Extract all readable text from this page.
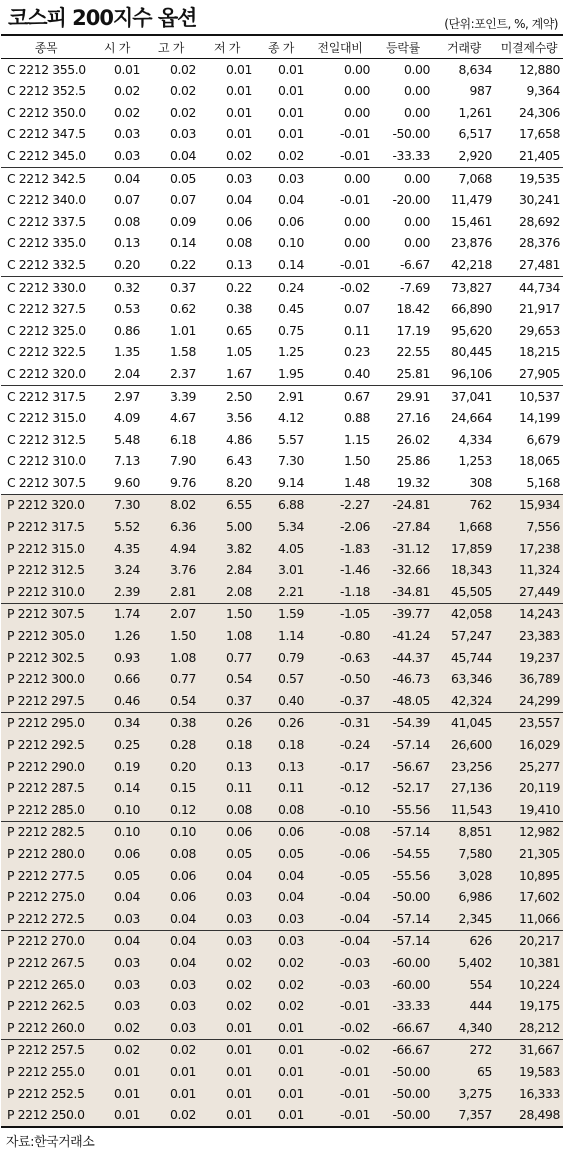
코스피 200지수 옵션	(단위:포인트, %, 계약)
종목	시 가	고 가	저 가	종 가	전일대비	등락률	거래량	미결제수량
C 2212 355.0	0.01	0.02	0.01	0.01	0.00	0.00	8,634	12,880
C 2212 352.5	0.02	0.02	0.01	0.01	0.00	0.00	987	9,364
C 2212 350.0	0.02	0.02	0.01	0.01	0.00	0.00	1,261	24,306
C 2212 347.5	0.03	0.03	0.01	0.01	-0.01	-50.00	6,517	17,658
C 2212 345.0	0.03	0.04	0.02	0.02	-0.01	-33.33	2,920	21,405
C 2212 342.5	0.04	0.05	0.03	0.03	0.00	0.00	7,068	19,535
C 2212 340.0	0.07	0.07	0.04	0.04	-0.01	-20.00	11,479	30,241
C 2212 337.5	0.08	0.09	0.06	0.06	0.00	0.00	15,461	28,692
C 2212 335.0	0.13	0.14	0.08	0.10	0.00	0.00	23,876	28,376
C 2212 332.5	0.20	0.22	0.13	0.14	-0.01	-6.67	42,218	27,481
C 2212 330.0	0.32	0.37	0.22	0.24	-0.02	-7.69	73,827	44,734
C 2212 327.5	0.53	0.62	0.38	0.45	0.07	18.42	66,890	21,917
C 2212 325.0	0.86	1.01	0.65	0.75	0.11	17.19	95,620	29,653
C 2212 322.5	1.35	1.58	1.05	1.25	0.23	22.55	80,445	18,215
C 2212 320.0	2.04	2.37	1.67	1.95	0.40	25.81	96,106	27,905
C 2212 317.5	2.97	3.39	2.50	2.91	0.67	29.91	37,041	10,537
C 2212 315.0	4.09	4.67	3.56	4.12	0.88	27.16	24,664	14,199
C 2212 312.5	5.48	6.18	4.86	5.57	1.15	26.02	4,334	6,679
C 2212 310.0	7.13	7.90	6.43	7.30	1.50	25.86	1,253	18,065
C 2212 307.5	9.60	9.76	8.20	9.14	1.48	19.32	308	5,168
P 2212 320.0	7.30	8.02	6.55	6.88	-2.27	-24.81	762	15,934
P 2212 317.5	5.52	6.36	5.00	5.34	-2.06	-27.84	1,668	7,556
P 2212 315.0	4.35	4.94	3.82	4.05	-1.83	-31.12	17,859	17,238
P 2212 312.5	3.24	3.76	2.84	3.01	-1.46	-32.66	18,343	11,324
P 2212 310.0	2.39	2.81	2.08	2.21	-1.18	-34.81	45,505	27,449
P 2212 307.5	1.74	2.07	1.50	1.59	-1.05	-39.77	42,058	14,243
P 2212 305.0	1.26	1.50	1.08	1.14	-0.80	-41.24	57,247	23,383
P 2212 302.5	0.93	1.08	0.77	0.79	-0.63	-44.37	45,744	19,237
P 2212 300.0	0.66	0.77	0.54	0.57	-0.50	-46.73	63,346	36,789
P 2212 297.5	0.46	0.54	0.37	0.40	-0.37	-48.05	42,324	24,299
P 2212 295.0	0.34	0.38	0.26	0.26	-0.31	-54.39	41,045	23,557
P 2212 292.5	0.25	0.28	0.18	0.18	-0.24	-57.14	26,600	16,029
P 2212 290.0	0.19	0.20	0.13	0.13	-0.17	-56.67	23,256	25,277
P 2212 287.5	0.14	0.15	0.11	0.11	-0.12	-52.17	27,136	20,119
P 2212 285.0	0.10	0.12	0.08	0.08	-0.10	-55.56	11,543	19,410
P 2212 282.5	0.10	0.10	0.06	0.06	-0.08	-57.14	8,851	12,982
P 2212 280.0	0.06	0.08	0.05	0.05	-0.06	-54.55	7,580	21,305
P 2212 277.5	0.05	0.06	0.04	0.04	-0.05	-55.56	3,028	10,895
P 2212 275.0	0.04	0.06	0.03	0.04	-0.04	-50.00	6,986	17,602
P 2212 272.5	0.03	0.04	0.03	0.03	-0.04	-57.14	2,345	11,066
P 2212 270.0	0.04	0.04	0.03	0.03	-0.04	-57.14	626	20,217
P 2212 267.5	0.03	0.04	0.02	0.02	-0.03	-60.00	5,402	10,381
P 2212 265.0	0.03	0.03	0.02	0.02	-0.03	-60.00	554	10,224
P 2212 262.5	0.03	0.03	0.02	0.02	-0.01	-33.33	444	19,175
P 2212 260.0	0.02	0.03	0.01	0.01	-0.02	-66.67	4,340	28,212
P 2212 257.5	0.02	0.02	0.01	0.01	-0.02	-66.67	272	31,667
P 2212 255.0	0.01	0.01	0.01	0.01	-0.01	-50.00	65	19,583
P 2212 252.5	0.01	0.01	0.01	0.01	-0.01	-50.00	3,275	16,333
P 2212 250.0	0.01	0.02	0.01	0.01	-0.01	-50.00	7,357	28,498
자료:한국거래소
